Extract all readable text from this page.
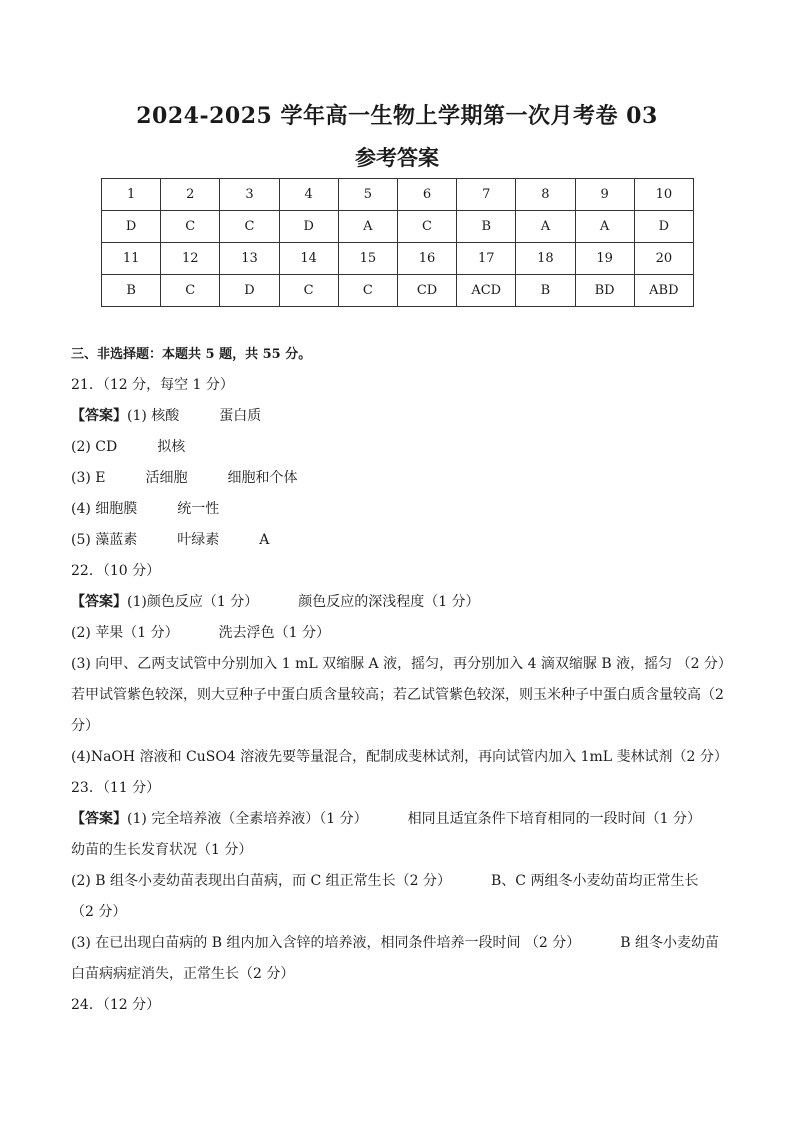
2024-2025 学年高一生物上学期第一次月考卷 03
参考答案
1	2	3	4	5	6	7	8	9	10
D	C	C	D	A	C	B	A	A	D
11	12	13	14	15	16	17	18	19	20
B	C	D	C	C	CD	ACD	B	BD	ABD
三、非选择题：本题共 5 题，共 55 分。
21．（12 分，每空 1 分）
【答案】(1) 核酸	蛋白质
(2) CD	拟核
(3) E	活细胞	细胞和个体
(4) 细胞膜	统一性
(5) 藻蓝素	叶绿素	A
22．（10 分）
【答案】(1)颜色反应（1 分）	颜色反应的深浅程度（1 分）
(2) 苹果（1 分）	洗去浮色（1 分）
(3) 向甲、乙两支试管中分别加入 1 mL 双缩脲 A 液，摇匀，再分别加入 4 滴双缩脲 B 液，摇匀 （2 分）
若甲试管紫色较深，则大豆种子中蛋白质含量较高；若乙试管紫色较深，则玉米种子中蛋白质含量较高（2
分）
(4)NaOH 溶液和 CuSO4 溶液先要等量混合，配制成斐林试剂，再向试管内加入 1mL 斐林试剂（2 分）
23．（11 分）
【答案】(1) 完全培养液（全素培养液）（1 分）	相同且适宜条件下培育相同的一段时间（1 分）
幼苗的生长发育状况（1 分）
(2) B 组冬小麦幼苗表现出白苗病，而 C 组正常生长（2 分）	B、C 两组冬小麦幼苗均正常生长
（2 分）
(3) 在已出现白苗病的 B 组内加入含锌的培养液，相同条件培养一段时间 （2 分）	B 组冬小麦幼苗
白苗病病症消失，正常生长（2 分）
24．（12 分）
